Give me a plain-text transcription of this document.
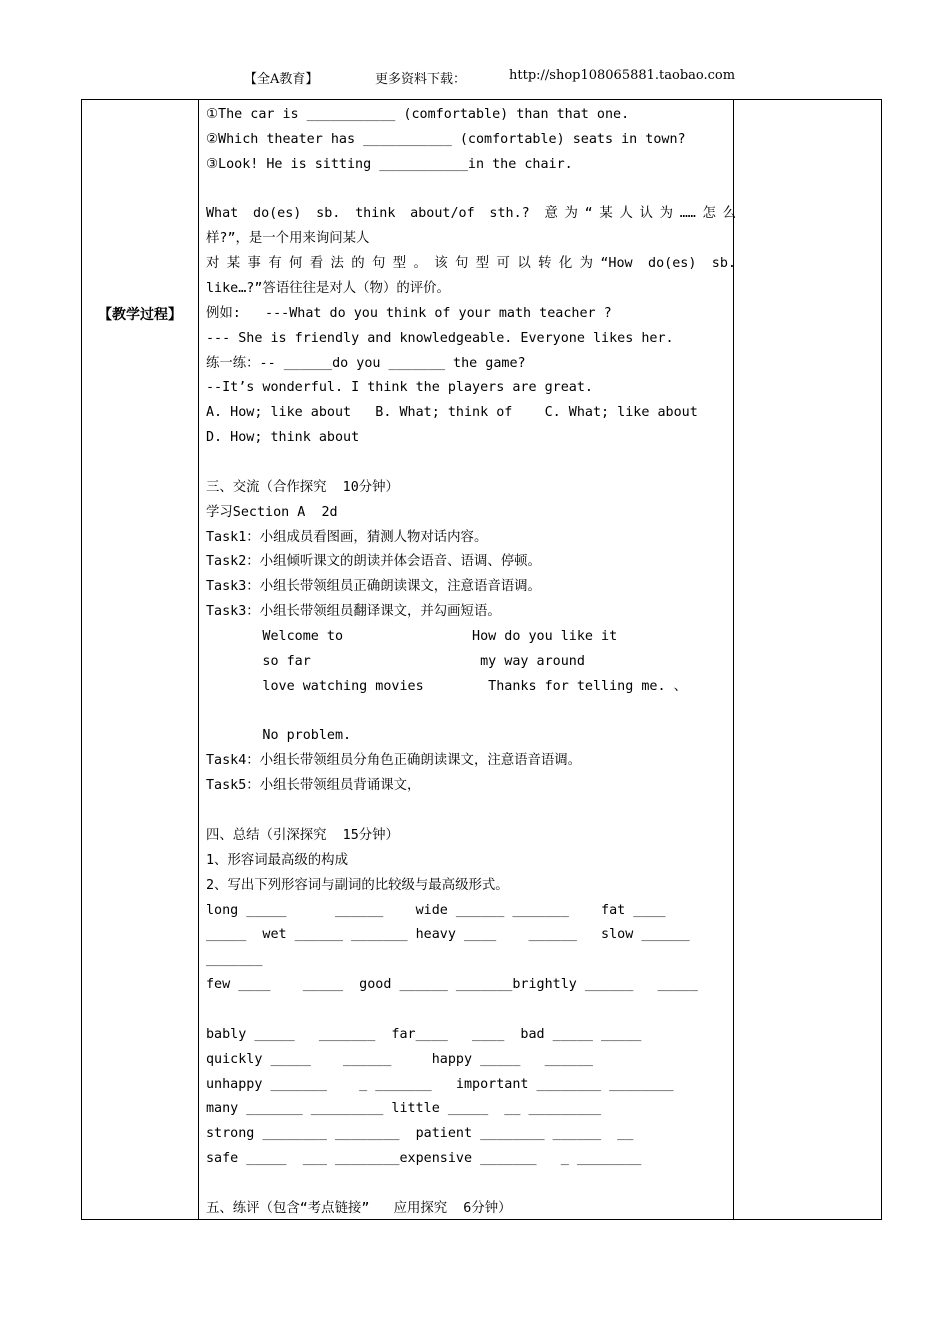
【全A教育】	更多资料下载：	http://shop108065881.taobao.com
【教学过程】
①The car is ___________ (comfortable) than that one.
②Which theater has ___________ (comfortable) seats in town?
③Look! He is sitting ___________in the chair.
What do(es) sb. think about/of sth.? 意为“某人认为……怎么
样?”，是一个用来询问某人
对某事有何看法的句型。该句型可以转化为“How do(es) sb.
like…?”答语往往是对人（物）的评价。
例如:   ---What do you think of your math teacher ?
--- She is friendly and knowledgeable. Everyone likes her.
练一练：-- ______do you _______ the game?
--It’s wonderful. I think the players are great.
A. How; like about   B. What; think of    C. What; like about
D. How; think about
三、交流（合作探究  10分钟）
学习Section A  2d
Task1：小组成员看图画，猜测人物对话内容。
Task2：小组倾听课文的朗读并体会语音、语调、停顿。
Task3：小组长带领组员正确朗读课文，注意语音语调。
Task3：小组长带领组员翻译课文，并勾画短语。
Welcome to                How do you like it
so far                     my way around
love watching movies        Thanks for telling me. 、
No problem.
Task4：小组长带领组员分角色正确朗读课文，注意语音语调。
Task5：小组长带领组员背诵课文，
四、总结（引深探究  15分钟）
1、形容词最高级的构成
2、写出下列形容词与副词的比较级与最高级形式。
long _____      ______    wide ______ _______    fat ____
_____  wet ______ _______ heavy ____    ______   slow ______
_______
few ____    _____  good ______ _______brightly ______   _____
bably _____   _______  far____   ____  bad _____ _____
quickly _____    ______     happy _____   ______
unhappy _______    _ _______   important ________ ________
many _______ _________ little _____  __ _________
strong ________ ________  patient ________ ______  __
safe _____  ___ ________expensive _______   _ ________
五、练评（包含“考点链接”   应用探究  6分钟）
